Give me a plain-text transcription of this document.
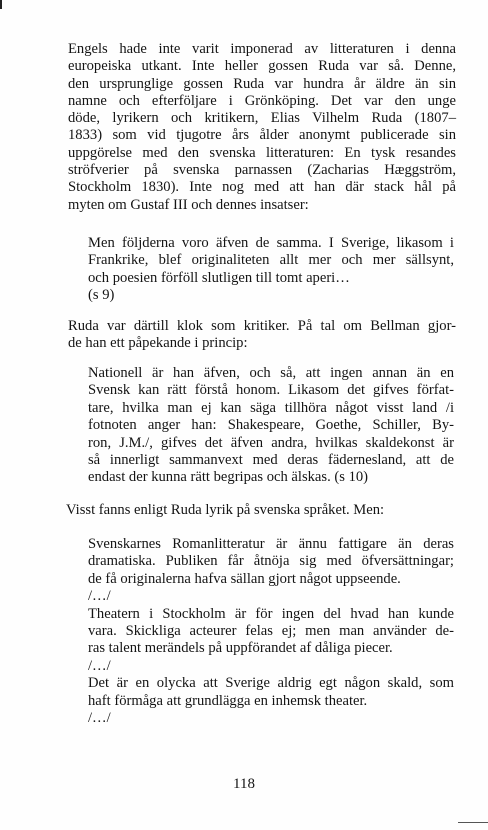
Engels hade inte varit imponerad av litteraturen i denna
europeiska utkant. Inte heller gossen Ruda var så. Denne,
den ursprunglige gossen Ruda var hundra år äldre än sin
namne och efterföljare i Grönköping. Det var den unge
döde, lyrikern och kritikern, Elias Vilhelm Ruda (1807–
1833) som vid tjugotre års ålder anonymt publicerade sin
uppgörelse med den svenska litteraturen: En tysk resandes
ströfverier på svenska parnassen (Zacharias Hæggström,
Stockholm 1830). Inte nog med att han där stack hål på
myten om Gustaf III och dennes insatser:

Men följderna voro äfven de samma. I Sverige, likasom i
Frankrike, blef originaliteten allt mer och mer sällsynt,
och poesien förföll slutligen till tomt aperi…
(s 9)

Ruda var därtill klok som kritiker. På tal om Bellman gjor-
de han ett påpekande i princip:

Nationell är han äfven, och så, att ingen annan än en
Svensk kan rätt förstå honom. Likasom det gifves förfat-
tare, hvilka man ej kan säga tillhöra något visst land /i
fotnoten anger han: Shakespeare, Goethe, Schiller, By-
ron, J.M./, gifves det äfven andra, hvilkas skaldekonst är
så innerligt sammanvext med deras fädernesland, att de
endast der kunna rätt begripas och älskas. (s 10)

Visst fanns enligt Ruda lyrik på svenska språket. Men:

Svenskarnes Romanlitteratur är ännu fattigare än deras
dramatiska. Publiken får åtnöja sig med öfversättningar;
de få originalerna hafva sällan gjort något uppseende.
/…/
Theatern i Stockholm är för ingen del hvad han kunde
vara. Skickliga acteurer felas ej; men man använder de-
ras talent merändels på uppförandet af dåliga piecer.
/…/
Det är en olycka att Sverige aldrig egt någon skald, som
haft förmåga att grundlägga en inhemsk theater.
/…/

118
